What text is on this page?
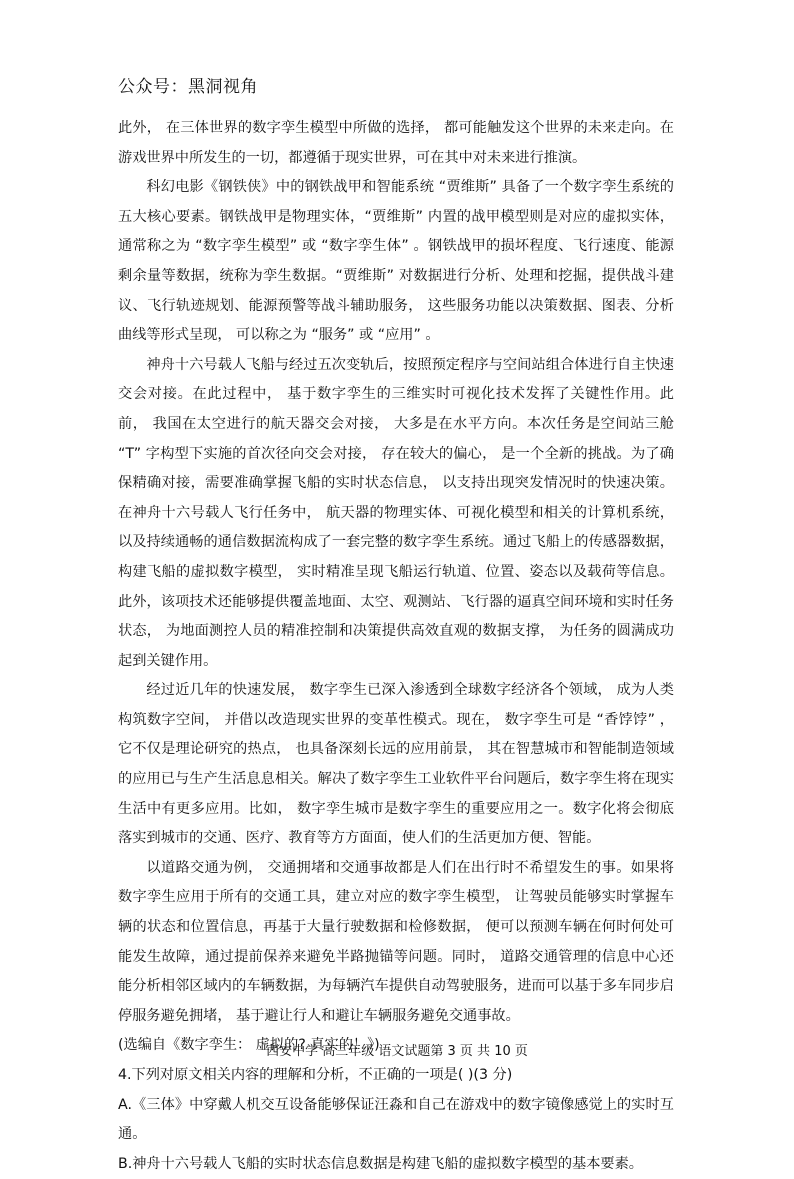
公众号：黑洞视角

此外， 在三体世界的数字孪生模型中所做的选择， 都可能触发这个世界的未来走向。在游戏世界中所发生的一切，都遵循于现实世界，可在其中对未来进行推演。

科幻电影《钢铁侠》中的钢铁战甲和智能系统 “贾维斯” 具备了一个数字孪生系统的五大核心要素。钢铁战甲是物理实体，“贾维斯” 内置的战甲模型则是对应的虚拟实体， 通常称之为 “数字孪生模型” 或 “数字孪生体” 。钢铁战甲的损坏程度、飞行速度、能源剩余量等数据，统称为孪生数据。“贾维斯” 对数据进行分析、处理和挖掘，提供战斗建议、飞行轨迹规划、能源预警等战斗辅助服务， 这些服务功能以决策数据、图表、分析曲线等形式呈现， 可以称之为 “服务” 或 “应用” 。

神舟十六号载人飞船与经过五次变轨后，按照预定程序与空间站组合体进行自主快速交会对接。在此过程中， 基于数字孪生的三维实时可视化技术发挥了关键性作用。此前， 我国在太空进行的航天器交会对接， 大多是在水平方向。本次任务是空间站三舱 “T” 字构型下实施的首次径向交会对接， 存在较大的偏心， 是一个全新的挑战。为了确保精确对接，需要准确掌握飞船的实时状态信息， 以支持出现突发情况时的快速决策。在神舟十六号载人飞行任务中， 航天器的物理实体、可视化模型和相关的计算机系统， 以及持续通畅的通信数据流构成了一套完整的数字孪生系统。通过飞船上的传感器数据， 构建飞船的虚拟数字模型， 实时精准呈现飞船运行轨道、位置、姿态以及载荷等信息。此外，该项技术还能够提供覆盖地面、太空、观测站、飞行器的逼真空间环境和实时任务状态， 为地面测控人员的精准控制和决策提供高效直观的数据支撑， 为任务的圆满成功起到关键作用。

经过近几年的快速发展， 数字孪生已深入渗透到全球数字经济各个领域， 成为人类构筑数字空间， 并借以改造现实世界的变革性模式。现在， 数字孪生可是 “香饽饽” ， 它不仅是理论研究的热点， 也具备深刻长远的应用前景， 其在智慧城市和智能制造领域的应用已与生产生活息息相关。解决了数字孪生工业软件平台问题后，数字孪生将在现实生活中有更多应用。比如， 数字孪生城市是数字孪生的重要应用之一。数字化将会彻底落实到城市的交通、医疗、教育等方方面面，使人们的生活更加方便、智能。

以道路交通为例， 交通拥堵和交通事故都是人们在出行时不希望发生的事。如果将数字孪生应用于所有的交通工具，建立对应的数字孪生模型， 让驾驶员能够实时掌握车辆的状态和位置信息，再基于大量行驶数据和检修数据， 便可以预测车辆在何时何处可能发生故障，通过提前保养来避免半路抛锚等问题。同时， 道路交通管理的信息中心还能分析相邻区域内的车辆数据，为每辆汽车提供自动驾驶服务，进而可以基于多车同步启停服务避免拥堵， 基于避让行人和避让车辆服务避免交通事故。

(选编自《数字孪生： 虚拟的? 真实的！》)

4.下列对原文相关内容的理解和分析，不正确的一项是( )(3 分)

A.《三体》中穿戴人机交互设备能够保证汪淼和自己在游戏中的数字镜像感觉上的实时互通。

B.神舟十六号载人飞船的实时状态信息数据是构建飞船的虚拟数字模型的基本要素。

西安中学 高三年级 语文试题第 3 页 共 10 页
